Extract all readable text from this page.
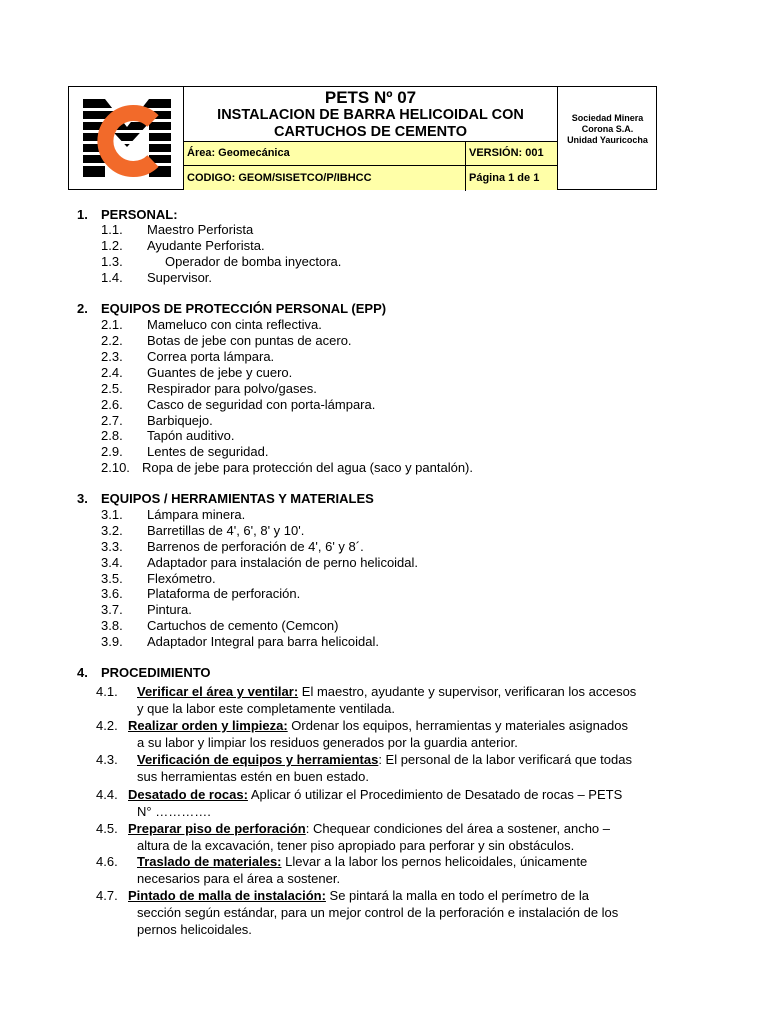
PETS Nº 07
INSTALACION DE BARRA HELICOIDAL CON
CARTUCHOS DE CEMENTO
Área: Geomecánica	VERSIÓN: 001
CODIGO: GEOM/SISETCO/P/IBHCC	Página 1 de 1
Sociedad Minera
Corona S.A.
Unidad Yauricocha
1. PERSONAL:
1.1. Maestro Perforista
1.2. Ayudante Perforista.
1.3.     Operador de bomba inyectora.
1.4. Supervisor.
2. EQUIPOS DE PROTECCIÓN PERSONAL (EPP)
2.1. Mameluco con cinta reflectiva.
2.2. Botas de jebe con puntas de acero.
2.3. Correa porta lámpara.
2.4. Guantes de jebe y cuero.
2.5. Respirador para polvo/gases.
2.6. Casco de seguridad con porta-lámpara.
2.7. Barbiquejo.
2.8. Tapón auditivo.
2.9. Lentes de seguridad.
2.10. Ropa de jebe para protección del agua (saco y pantalón).
3. EQUIPOS / HERRAMIENTAS Y MATERIALES
3.1. Lámpara minera.
3.2. Barretillas de 4', 6', 8' y 10'.
3.3. Barrenos de perforación de 4', 6' y 8´.
3.4. Adaptador para instalación de perno helicoidal.
3.5. Flexómetro.
3.6. Plataforma de perforación.
3.7. Pintura.
3.8. Cartuchos de cemento (Cemcon)
3.9. Adaptador Integral para barra helicoidal.
4. PROCEDIMIENTO
4.1. Verificar el área y ventilar: El maestro, ayudante y supervisor, verificaran los accesos
y que la labor este completamente ventilada.
4.2. Realizar orden y limpieza: Ordenar los equipos, herramientas y materiales asignados
a su labor y limpiar los residuos generados por la guardia anterior.
4.3. Verificación de equipos y herramientas: El personal de la labor verificará que todas
sus herramientas estén en buen estado.
4.4. Desatado de rocas: Aplicar ó utilizar el Procedimiento de Desatado de rocas – PETS
N° ………….
4.5. Preparar piso de perforación: Chequear condiciones del área a sostener, ancho –
altura de la excavación, tener piso apropiado para perforar y sin obstáculos.
4.6. Traslado de materiales: Llevar a la labor los pernos helicoidales, únicamente
necesarios para el área a sostener.
4.7. Pintado de malla de instalación: Se pintará la malla en todo el perímetro de la
sección según estándar, para un mejor control de la perforación e instalación de los
pernos helicoidales.
